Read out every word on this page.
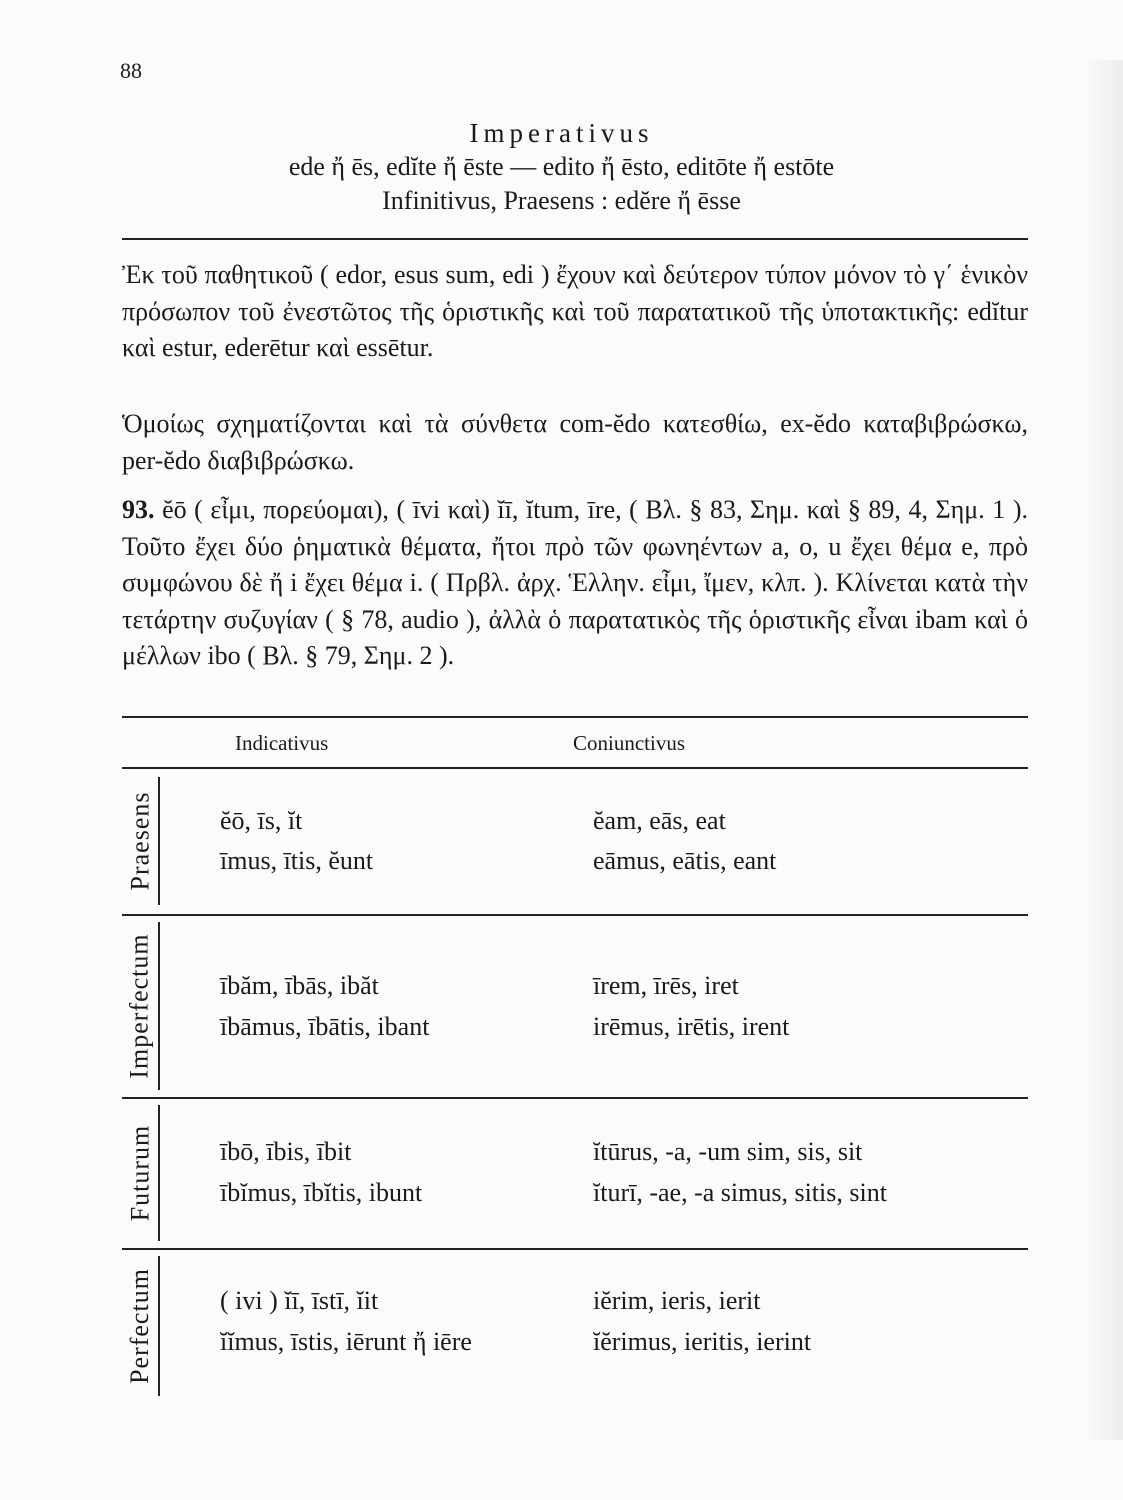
88
Imperativus
ede ἤ ēs, edĭte ἤ ēste — edito ἤ ēsto, editōte ἤ estōte
Infinitivus, Praesens : edĕre ἤ ēsse

Ἐκ τοῦ παθητικοῦ ( edor, esus sum, edi ) ἔχουν καὶ δεύτερον τύπον μόνον τὸ γ΄ ἑνικὸν πρόσωπον τοῦ ἐνεστῶτος τῆς ὁριστικῆς καὶ τοῦ παρατατικοῦ τῆς ὑποτακτικῆς: edĭtur καὶ estur, ederētur καὶ essētur.

Ὁμοίως σχηματίζονται καὶ τὰ σύνθετα com-ĕdo κατεσθίω, ex-ĕdo καταβιβρώσκω, per-ĕdo διαβιβρώσκω.

93. ĕō ( εἶμι, πορεύομαι), ( īvi καὶ) ĭī, ĭtum, īre, ( Βλ. § 83, Σημ. καὶ § 89, 4, Σημ. 1 ). Τοῦτο ἔχει δύο ῥηματικὰ θέματα, ἤτοι πρὸ τῶν φωνηέντων a, o, u ἔχει θέμα e, πρὸ συμφώνου δὲ ἤ i ἔχει θέμα i. ( Πρβλ. ἀρχ. Ἑλλην. εἶμι, ἴμεν, κλπ. ). Κλίνεται κατὰ τὴν τετάρτην συζυγίαν ( § 78, audio ), ἀλλὰ ὁ παρατατικὸς τῆς ὁριστικῆς εἶναι ibam καὶ ὁ μέλλων ibo ( Βλ. § 79, Σημ. 2 ).

Indicativus	Coniunctivus
Praesens
Imperfectum
Futurum
Perfectum
ĕō, īs, ĭt
īmus, ītis, ĕunt
ĕam, eās, eat
eāmus, eātis, eant
ībăm, ībās, ibăt
ībāmus, ībātis, ibant
īrem, īrēs, iret
irēmus, irētis, irent
ībō, ībis, ībit
ībĭmus, ībĭtis, ibunt
ĭtūrus, -a, -um sim, sis, sit
ĭturī, -ae, -a simus, sitis, sint
( ivi ) ĭī, īstī, ĭit
ĭĭmus, īstis, iērunt ἤ iēre
iĕrim, ieris, ierit
ĭĕrimus, ieritis, ierint
